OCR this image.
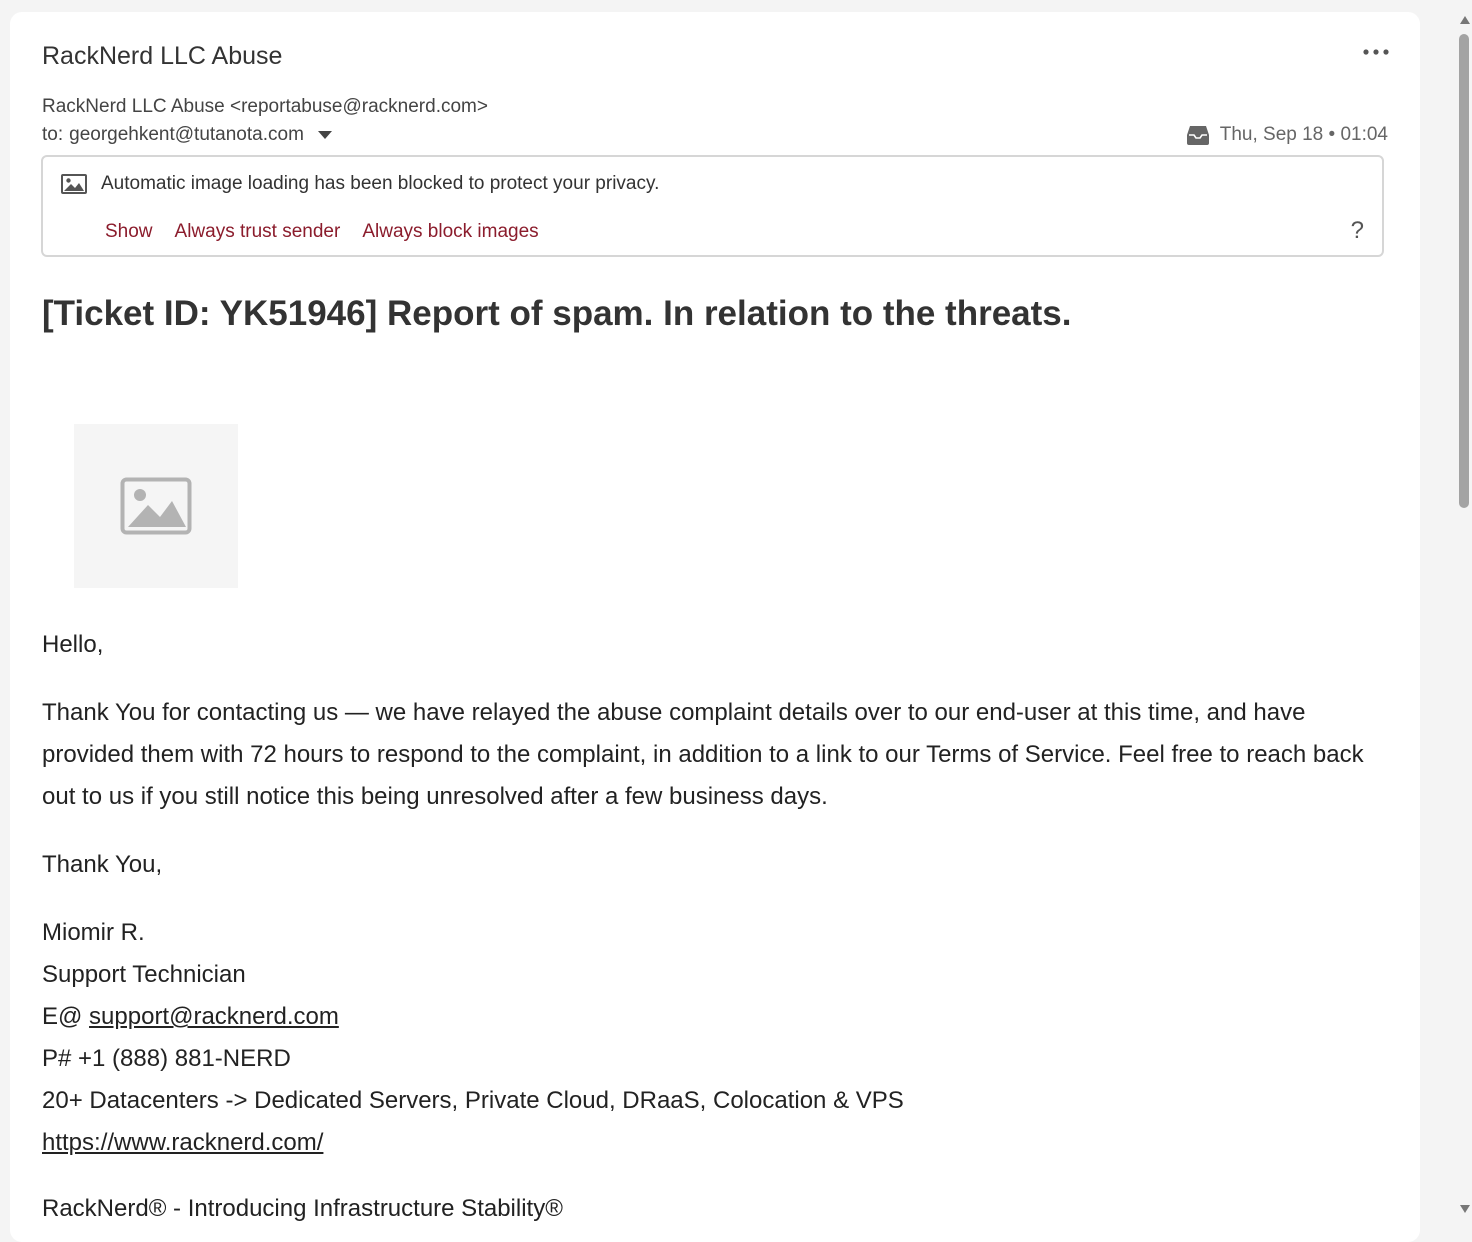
RackNerd LLC Abuse
RackNerd LLC Abuse <reportabuse@racknerd.com>
to: georgehkent@tutanota.com	Thu, Sep 18 • 01:04
Automatic image loading has been blocked to protect your privacy.
Show Always trust sender Always block images	?
[Ticket ID: YK51946] Report of spam. In relation to the threats.

Hello,

Thank You for contacting us — we have relayed the abuse complaint details over to our end-user at this time, and have provided them with 72 hours to respond to the complaint, in addition to a link to our Terms of Service. Feel free to reach back out to us if you still notice this being unresolved after a few business days.

Thank You,

Miomir R.
Support Technician
E@ support@racknerd.com
P# +1 (888) 881-NERD
20+ Datacenters -> Dedicated Servers, Private Cloud, DRaaS, Colocation & VPS
https://www.racknerd.com/
RackNerd® - Introducing Infrastructure Stability®
